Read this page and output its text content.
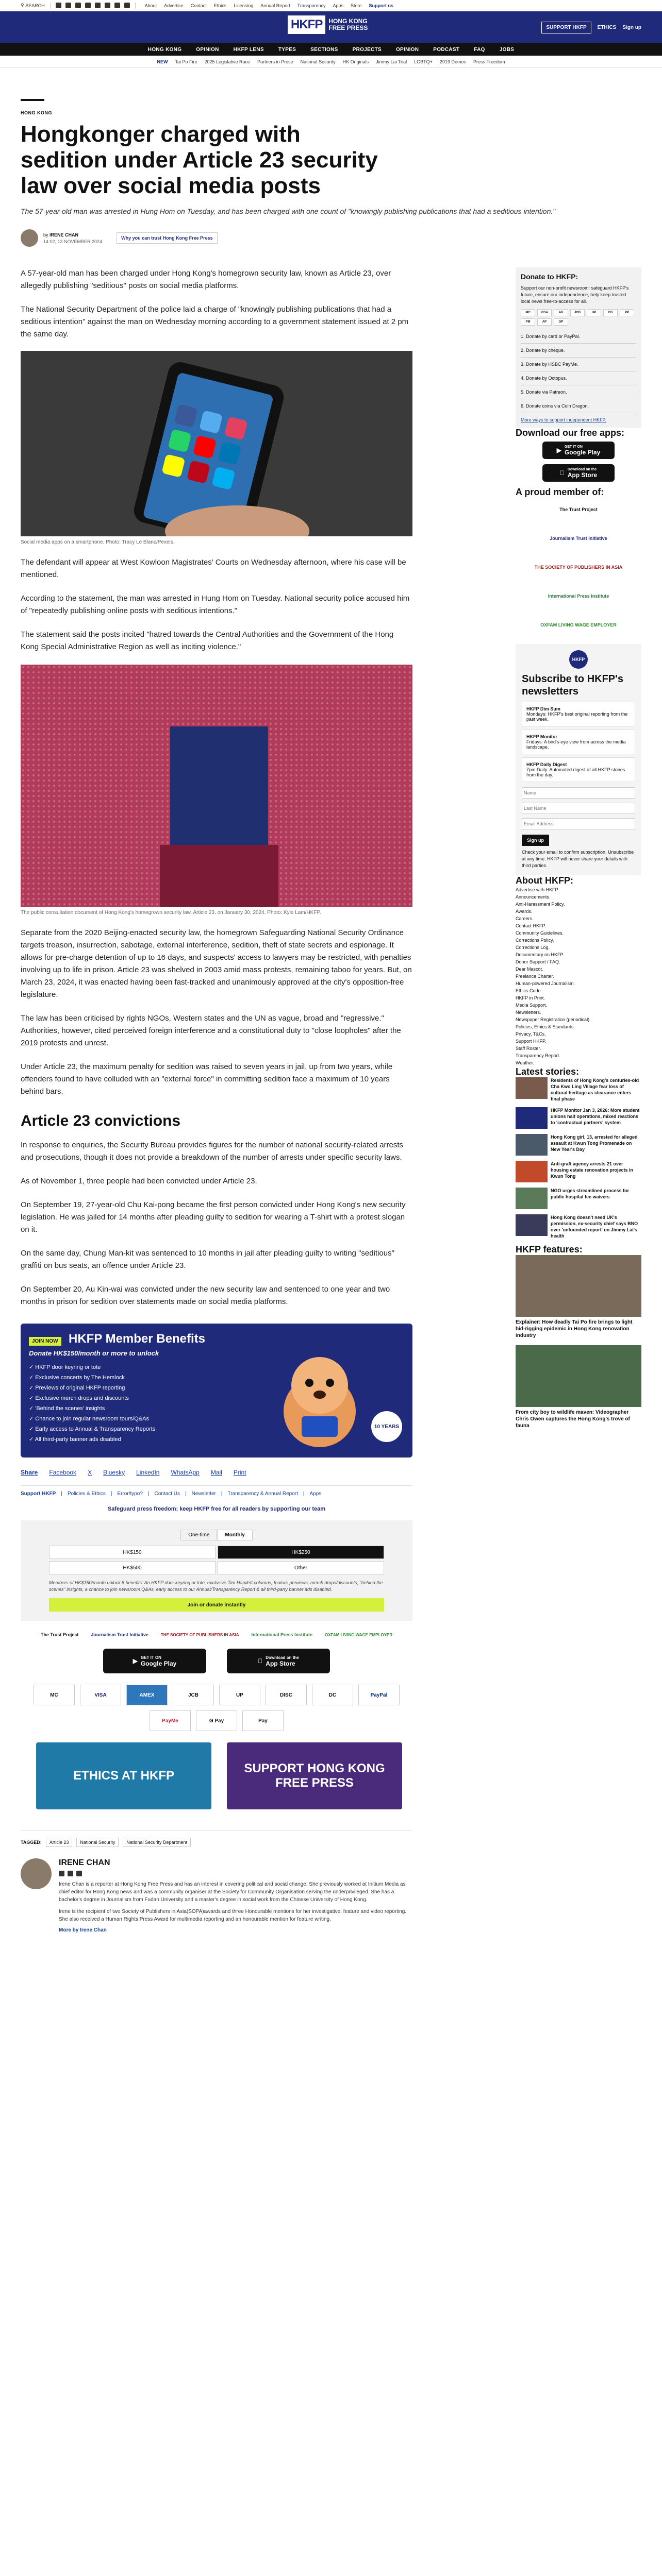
⚲
SEARCH	About Advertise Contact Ethics Licensing Annual Report Transparency Apps Store Support us
HKFP	HONG KONG
FREE PRESS	SUPPORT HKFP	ETHICS Sign up
HONG KONG	OPINION	HKFP LENS	TYPES	SECTIONS	PROJECTS	OPINION	PODCAST	FAQ	JOBS
NEW Tai Po Fire 2025 Legislative Race Partners in Prose National Security HK Originals Jimmy Lai Trial LGBTQ+ 2019 Demos Press Freedom
HONG KONG
Hongkonger charged with sedition under Article 23 security law over social media posts

The 57-year-old man was arrested in Hung Hom on Tuesday, and has been charged with one count of "knowingly publishing publications that had a seditious intention."

by IRENE CHAN
14:02, 13 NOVEMBER 2024
Why you can trust Hong Kong Free Press

A 57-year-old man has been charged under Hong Kong's homegrown security law, known as Article 23, over allegedly publishing "seditious" posts on social media platforms.

The National Security Department of the police laid a charge of "knowingly publishing publications that had a seditious intention" against the man on Wednesday morning according to a government statement issued at 2 pm the same day.

Social media apps on a smartphone. Photo: Tracy Le Blanc/Pexels.

The defendant will appear at West Kowloon Magistrates' Courts on Wednesday afternoon, where his case will be mentioned.

According to the statement, the man was arrested in Hung Hom on Tuesday. National security police accused him of "repeatedly publishing online posts with seditious intentions."

The statement said the posts incited "hatred towards the Central Authorities and the Government of the Hong Kong Special Administrative Region as well as inciting violence."

The public consultation document of Hong Kong's homegrown security law, Article 23, on January 30, 2024. Photo: Kyle Lam/HKFP.

Separate from the 2020 Beijing-enacted security law, the homegrown Safeguarding National Security Ordinance targets treason, insurrection, sabotage, external interference, sedition, theft of state secrets and espionage. It allows for pre-charge detention of up to 16 days, and suspects' access to lawyers may be restricted, with penalties involving up to life in prison. Article 23 was shelved in 2003 amid mass protests, remaining taboo for years. But, on March 23, 2024, it was enacted having been fast-tracked and unanimously approved at the city's opposition-free legislature.

The law has been criticised by rights NGOs, Western states and the UN as vague, broad and "regressive." Authorities, however, cited perceived foreign interference and a constitutional duty to "close loopholes" after the 2019 protests and unrest.

Under Article 23, the maximum penalty for sedition was raised to seven years in jail, up from two years, while offenders found to have colluded with an "external force" in committing sedition face a maximum of 10 years behind bars.

Article 23 convictions

In response to enquiries, the Security Bureau provides figures for the number of national security-related arrests and prosecutions, though it does not provide a breakdown of the number of arrests under specific security laws.

As of November 1, three people had been convicted under Article 23.

On September 19, 27-year-old Chu Kai-pong became the first person convicted under Hong Kong's new security legislation. He was jailed for 14 months after pleading guilty to sedition for wearing a T-shirt with a protest slogan on it.

On the same day, Chung Man-kit was sentenced to 10 months in jail after pleading guilty to writing "seditious" graffiti on bus seats, an offence under Article 23.

On September 20, Au Kin-wai was convicted under the new security law and sentenced to one year and two months in prison for sedition over statements made on social media platforms.

JOIN NOW HKFP Member Benefits
Donate HK$150/month or more to unlock
✓ HKFP door keyring or tote
✓ Exclusive concerts by The Hemlock
✓ Previews of original HKFP reporting
✓ Exclusive merch drops and discounts
✓ 'Behind the scenes' insights
✓ Chance to join regular newsroom tours/Q&As
✓ Early access to Annual & Transparency Reports
✓ All third-party banner ads disabled
10 YEARS
Share Facebook X Bluesky LinkedIn WhatsApp Mail Print
Support HKFP | Policies & Ethics | Error/typo? | Contact Us | Newsletter | Transparency & Annual Report | Apps
Safeguard press freedom; keep HKFP free for all readers by supporting our team
One-time	Monthly
HK$150	HK$250
HK$500	Other

Members of HK$150/month unlock 8 benefits: An HKFP door keyring or tote, exclusive Tim Hamlett columns, feature previews, merch drops/discounts, "behind the scenes" insights, a chance to join newsroom Q&As, early access to our Annual/Transparency Report & all third-party banner ads disabled.

Join or donate instantly
The Trust Project	Journalism Trust Initiative	THE SOCIETY OF PUBLISHERS IN ASIA	International Press Institute	OXFAM LIVING WAGE EMPLOYER
▶ GET IT ON
Google Play
Download on the
App Store
MC	VISA	AMEX	JCB	UP	DISC	DC	PayPal
PayMe	G Pay	Pay
ETHICS AT HKFP
SUPPORT HONG KONG FREE PRESS
TAGGED:	Article 23	National Security	National Security Department
IRENE CHAN

Irene Chan is a reporter at Hong Kong Free Press and has an interest in covering political and social change. She previously worked at Initium Media as chief editor for Hong Kong news and was a community organiser at the Society for Community Organisation serving the underprivileged. She has a bachelor's degree in Journalism from Fudan University and a master's degree in social work from the Chinese University of Hong Kong.

Irene is the recipient of two Society of Publishers in Asia(SOPA)awards and three Honourable mentions for her investigative, feature and video reporting. She also received a Human Rights Press Award for multimedia reporting and an honourable mention for feature writing.

More by Irene Chan
Donate to HKFP:

Support our non-profit newsroom: safeguard HKFP's future, ensure our independence, help keep trusted local news free-to-access for all.

MC	VISA	AX	JCB	UP	DS	PP
PM	AP	GP
1. Donate by card or PayPal.
2. Donate by cheque.
3. Donate by HSBC PayMe.
4. Donate by Octopus.
5. Donate via Patreon.
6. Donate coins via Coin Dragon.
More ways to support independent HKFP.
Download our free apps:
▶ GET IT ON
Google Play
Download on the
App Store
A proud member of:
The Trust Project
Journalism Trust Initiative
THE SOCIETY OF PUBLISHERS IN ASIA
International Press Institute
OXFAM LIVING WAGE EMPLOYER
HKFP
Subscribe to HKFP's newsletters
HKFP Dim Sum
Mondays: HKFP's best original reporting from the past week.
HKFP Monitor
Fridays: A bird's-eye view from across the media landscape.
HKFP Daily Digest
7pm Daily: Automated digest of all HKFP stories from the day.
Name Last Name Email Address Sign up

Check your email to confirm subscription. Unsubscribe at any time. HKFP will never share your details with third parties.

About HKFP:
Advertise with HKFP.
Announcements.
Anti-Harassment Policy.
Awards.
Careers.
Contact HKFP.
Community Guidelines.
Corrections Policy.
Corrections Log.
Documentary on HKFP.
Donor Support / FAQ.
Dear Mascot.
Freelance Charter.
Human-powered Journalism.
Ethics Code.
HKFP in Print.
Media Support.
Newsletters.
Newspaper Registration (periodical).
Policies, Ethics & Standards.
Privacy, T&Cs.
Support HKFP.
Staff Roster.
Transparency Report.
Weather.
Latest stories:
Residents of Hong Kong's centuries-old Cha Kwo Ling Village fear loss of cultural heritage as clearance enters final phase
HKFP Monitor Jan 3, 2026: More student unions halt operations, mixed reactions to 'contractual partners' system
Hong Kong girl, 13, arrested for alleged assault at Kwun Tong Promenade on New Year's Day
Anti-graft agency arrests 21 over housing estate renovation projects in Kwun Tong
NGO urges streamlined process for public hospital fee waivers
Hong Kong doesn't need UK's permission, ex-security chief says BNO over 'unfounded report' on Jimmy Lai's health
HKFP features:
Explainer: How deadly Tai Po fire brings to light bid-rigging epidemic in Hong Kong renovation industry
From city boy to wildlife maven: Videographer Chris Owen captures the Hong Kong's trove of fauna
